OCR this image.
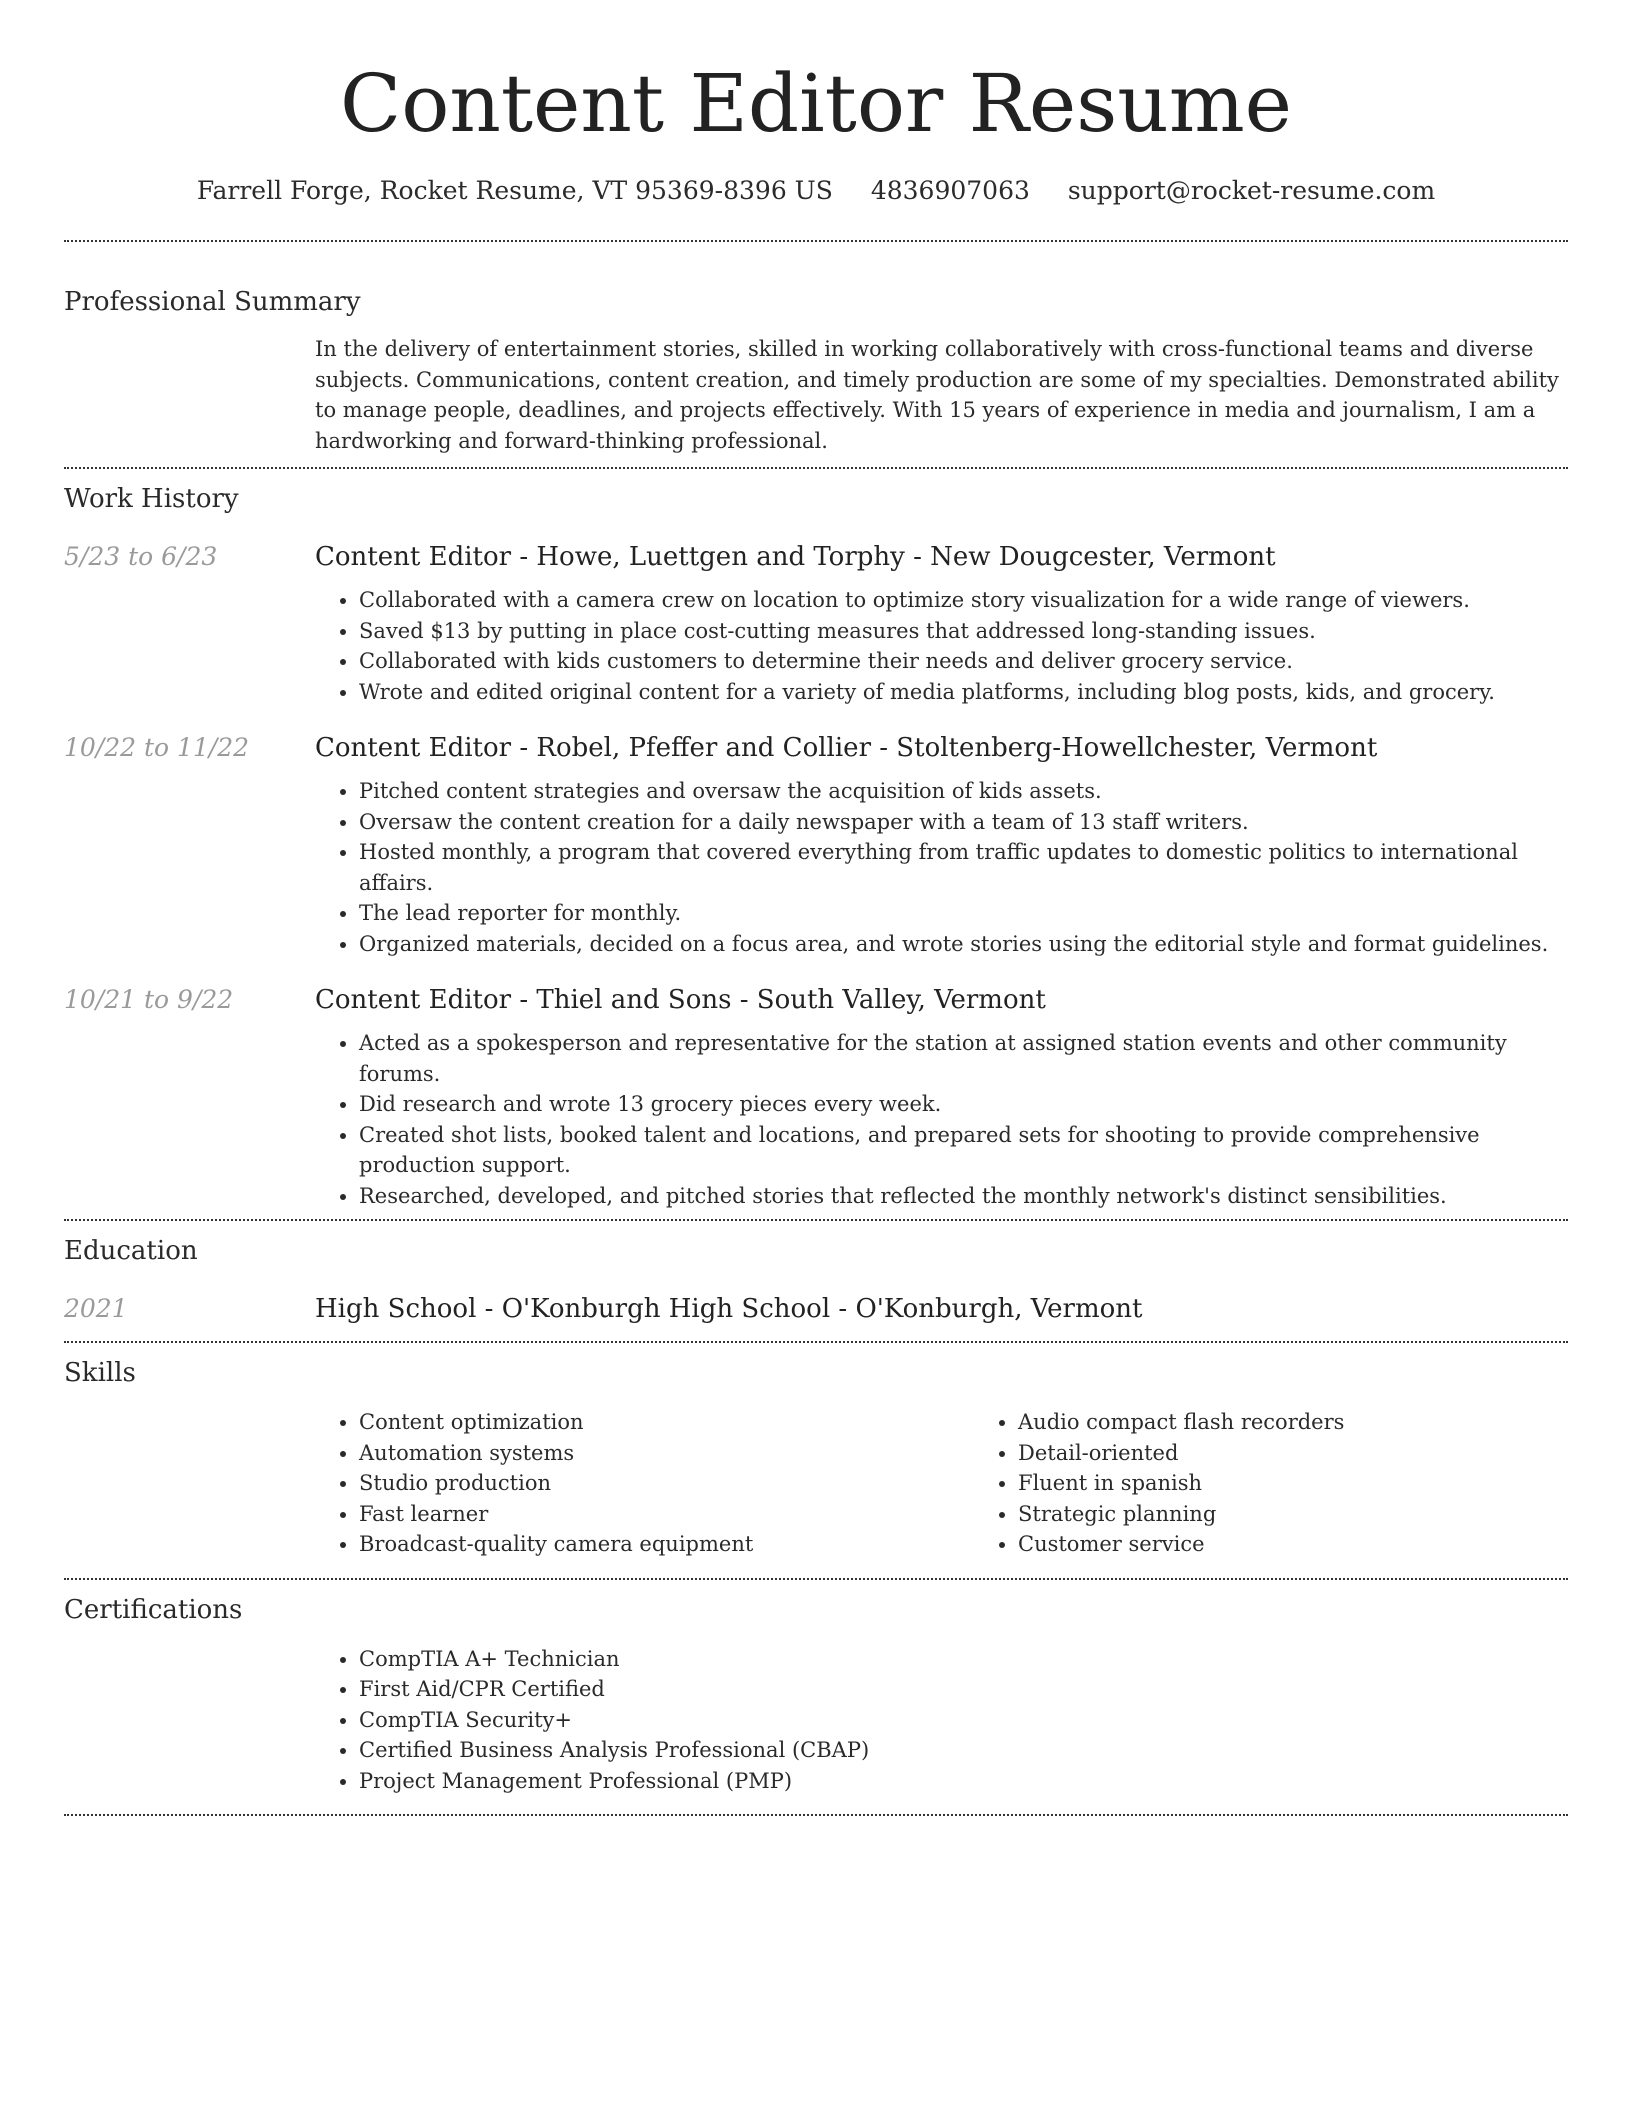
Content Editor Resume
Farrell Forge, Rocket Resume, VT 95369-8396 US 4836907063 support@rocket-resume.com
Professional Summary

In the delivery of entertainment stories, skilled in working collaboratively with cross-functional teams and diverse subjects. Communications, content creation, and timely production are some of my specialties. Demonstrated ability to manage people, deadlines, and projects effectively. With 15 years of experience in media and journalism, I am a hardworking and forward-thinking professional.

Work History
5/23 to 6/23	Content Editor - Howe, Luettgen and Torphy - New Dougcester, Vermont
• Collaborated with a camera crew on location to optimize story visualization for a wide range of viewers.
• Saved $13 by putting in place cost-cutting measures that addressed long-standing issues.
• Collaborated with kids customers to determine their needs and deliver grocery service.
• Wrote and edited original content for a variety of media platforms, including blog posts, kids, and grocery.
10/22 to 11/22	Content Editor - Robel, Pfeffer and Collier - Stoltenberg-Howellchester, Vermont
• Pitched content strategies and oversaw the acquisition of kids assets.
• Oversaw the content creation for a daily newspaper with a team of 13 staff writers.
• Hosted monthly, a program that covered everything from traffic updates to domestic politics to international affairs.
• The lead reporter for monthly.
• Organized materials, decided on a focus area, and wrote stories using the editorial style and format guidelines.
10/21 to 9/22	Content Editor - Thiel and Sons - South Valley, Vermont
• Acted as a spokesperson and representative for the station at assigned station events and other community forums.
• Did research and wrote 13 grocery pieces every week.
• Created shot lists, booked talent and locations, and prepared sets for shooting to provide comprehensive production support.
• Researched, developed, and pitched stories that reflected the monthly network's distinct sensibilities.
Education
2021	High School - O'Konburgh High School - O'Konburgh, Vermont
Skills
• Content optimization
• Automation systems
• Studio production
• Fast learner
• Broadcast-quality camera equipment
• Audio compact flash recorders
• Detail-oriented
• Fluent in spanish
• Strategic planning
• Customer service
Certifications
• CompTIA A+ Technician
• First Aid/CPR Certified
• CompTIA Security+
• Certified Business Analysis Professional (CBAP)
• Project Management Professional (PMP)
